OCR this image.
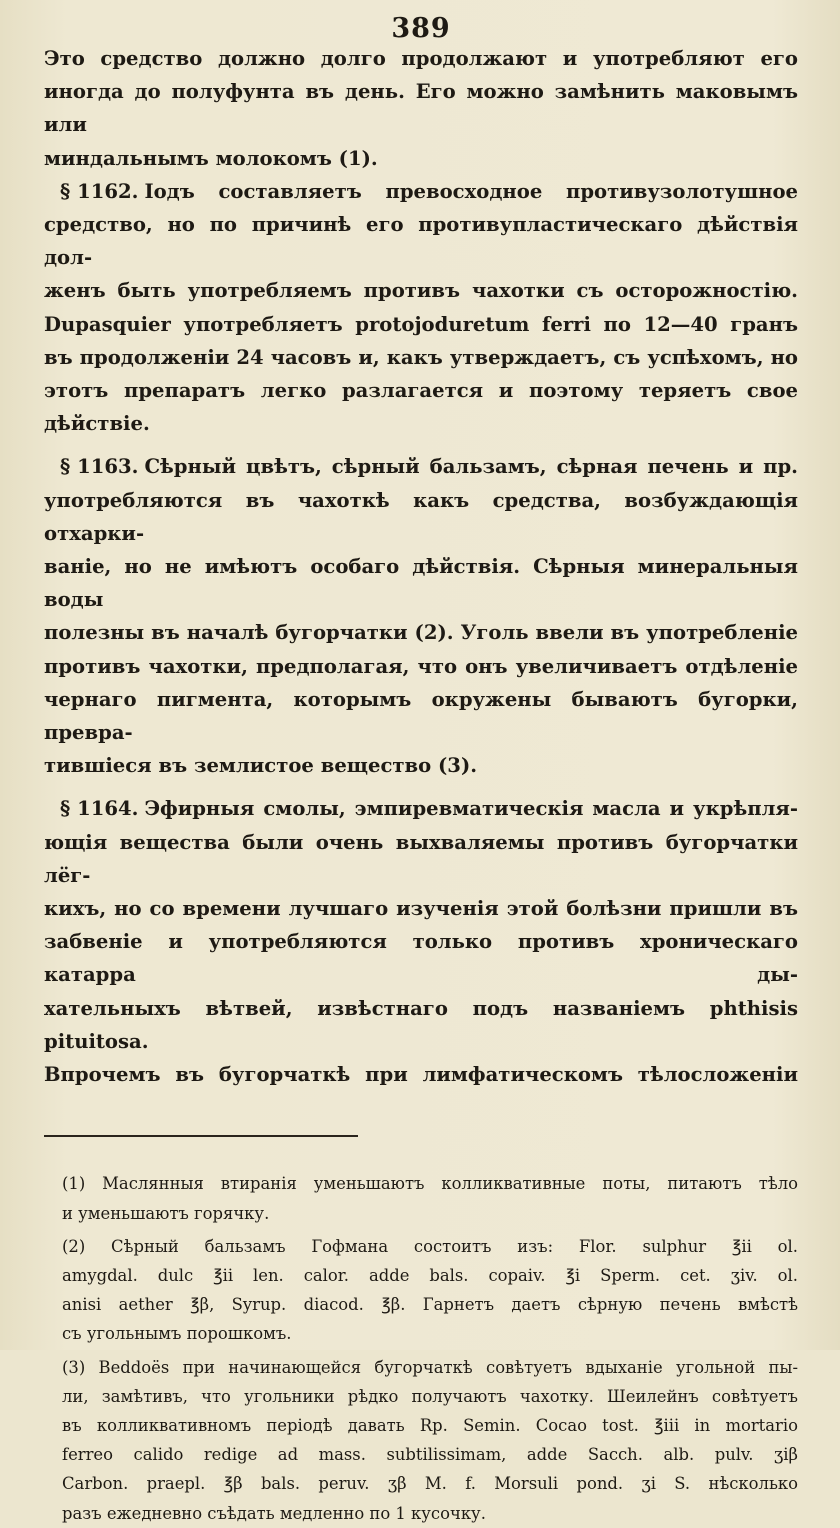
389

Это средство должно долго продолжают и употребляют его

иногда до полуфунта въ день. Его можно замѣнить маковымъ или

миндальнымъ молокомъ (1).

§ 1162. Іодъ составляетъ превосходное противузолотушное

средство, но по причинѣ его противупластическаго дѣйствія дол-

женъ быть употребляемъ противъ чахотки съ осторожностію.

Dupasquier употребляетъ protojoduretum ferri по 12—40 гранъ

въ продолженіи 24 часовъ и, какъ утверждаетъ, съ успѣхомъ, но

этотъ препаратъ легко разлагается и поэтому теряетъ свое

дѣйствіе.

§ 1163. Сѣрный цвѣтъ, сѣрный бальзамъ, сѣрная печень и пр.

употребляются въ чахоткѣ какъ средства, возбуждающія отхарки-

ваніе, но не имѣютъ особаго дѣйствія. Сѣрныя минеральныя воды

полезны въ началѣ бугорчатки (2). Уголь ввели въ употребленіе

противъ чахотки, предполагая, что онъ увеличиваетъ отдѣленіе

чернаго пигмента, которымъ окружены бываютъ бугорки, превра-

тившіеся въ землистое вещество (3).

§ 1164. Эфирныя смолы, эмпиревматическія масла и укрѣпля-

ющія вещества были очень выхваляемы противъ бугорчатки лёг-

кихъ, но со времени лучшаго изученія этой болѣзни пришли въ

забвеніе и употребляются только противъ хроническаго катарра ды-

хательныхъ вѣтвей, извѣстнаго подъ названіемъ phthisis pituitosa.

Впрочемъ въ бугорчаткѣ при лимфатическомъ тѣлосложеніи

(1) Маслянныя втиранія уменьшаютъ колликвативные поты, питаютъ тѣло

и уменьшаютъ горячку.

(2) Сѣрный бальзамъ Гофмана состоитъ изъ: Flor. sulphur ℥ii ol.

amygdal. dulc ℥ii len. calor. adde bals. copaiv. ℥i Sperm. cet. ʒiv. ol.

anisi aether ℥β, Syrup. diacod. ℥β. Гарнетъ даетъ сѣрную печень вмѣстѣ

съ угольнымъ порошкомъ.

(3) Beddoës при начинающейся бугорчаткѣ совѣтуетъ вдыханіе угольной пы-

ли, замѣтивъ, что угольники рѣдко получаютъ чахотку. Шеилейнъ совѣтуетъ

въ колликвативномъ періодѣ давать Rp. Semin. Cocao tost. ℥iii in mortario

ferreo calido redige ad mass. subtilissimam, adde Sacch. alb. pulv. ʒiβ

Carbon. praepl. ℥β bals. peruv. ʒβ M. f. Morsuli pond. ʒi S. нѣсколько

разъ ежедневно съѣдать медленно по 1 кусочку.
